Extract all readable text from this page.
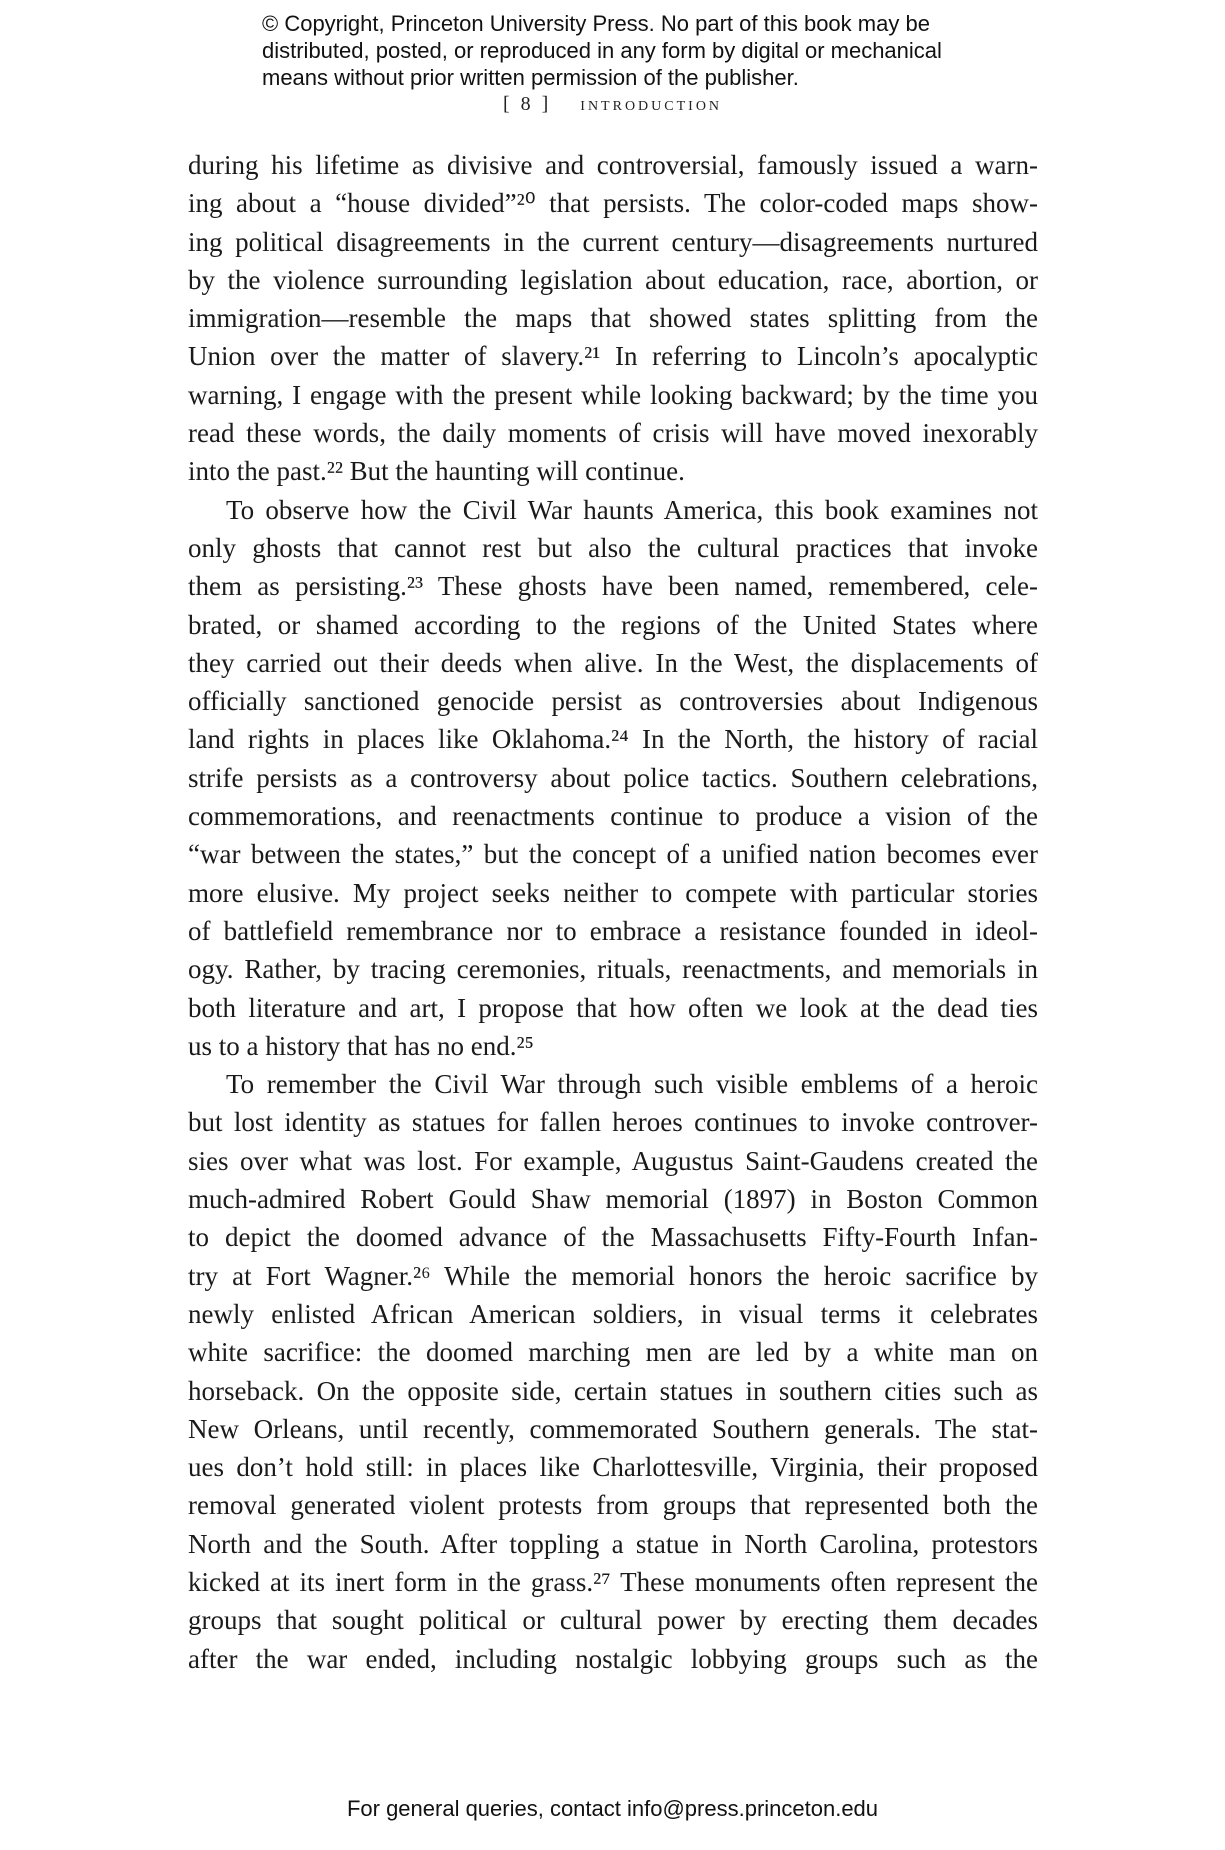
© Copyright, Princeton University Press. No part of this book may be

distributed, posted, or reproduced in any form by digital or mechanical

means without prior written permission of the publisher.

[ 8 ] introduction
during his lifetime as divisive and controversial, famously issued a warn-
ing about a “house divided”²⁰ that persists. The color-coded maps show-
ing political disagreements in the current century—disagreements nurtured
by the violence surrounding legislation about education, race, abortion, or
immigration—resemble the maps that showed states splitting from the
Union over the matter of slavery.²¹ In referring to Lincoln’s apocalyptic
warning, I engage with the present while looking backward; by the time you
read these words, the daily moments of crisis will have moved inexorably
into the past.²² But the haunting will continue.
To observe how the Civil War haunts America, this book examines not
only ghosts that cannot rest but also the cultural practices that invoke
them as persisting.²³ These ghosts have been named, remembered, cele-
brated, or shamed according to the regions of the United States where
they carried out their deeds when alive. In the West, the displacements of
officially sanctioned genocide persist as controversies about Indigenous
land rights in places like Oklahoma.²⁴ In the North, the history of racial
strife persists as a controversy about police tactics. Southern celebrations,
commemorations, and reenactments continue to produce a vision of the
“war between the states,” but the concept of a unified nation becomes ever
more elusive. My project seeks neither to compete with particular stories
of battlefield remembrance nor to embrace a resistance founded in ideol-
ogy. Rather, by tracing ceremonies, rituals, reenactments, and memorials in
both literature and art, I propose that how often we look at the dead ties
us to a history that has no end.²⁵
To remember the Civil War through such visible emblems of a heroic
but lost identity as statues for fallen heroes continues to invoke controver-
sies over what was lost. For example, Augustus Saint-Gaudens created the
much-admired Robert Gould Shaw memorial (1897) in Boston Common
to depict the doomed advance of the Massachusetts Fifty-Fourth Infan-
try at Fort Wagner.²⁶ While the memorial honors the heroic sacrifice by
newly enlisted African American soldiers, in visual terms it celebrates
white sacrifice: the doomed marching men are led by a white man on
horseback. On the opposite side, certain statues in southern cities such as
New Orleans, until recently, commemorated Southern generals. The stat-
ues don’t hold still: in places like Charlottesville, Virginia, their proposed
removal generated violent protests from groups that represented both the
North and the South. After toppling a statue in North Carolina, protestors
kicked at its inert form in the grass.²⁷ These monuments often represent the
groups that sought political or cultural power by erecting them decades
after the war ended, including nostalgic lobbying groups such as the
For general queries, contact info@press.princeton.edu
